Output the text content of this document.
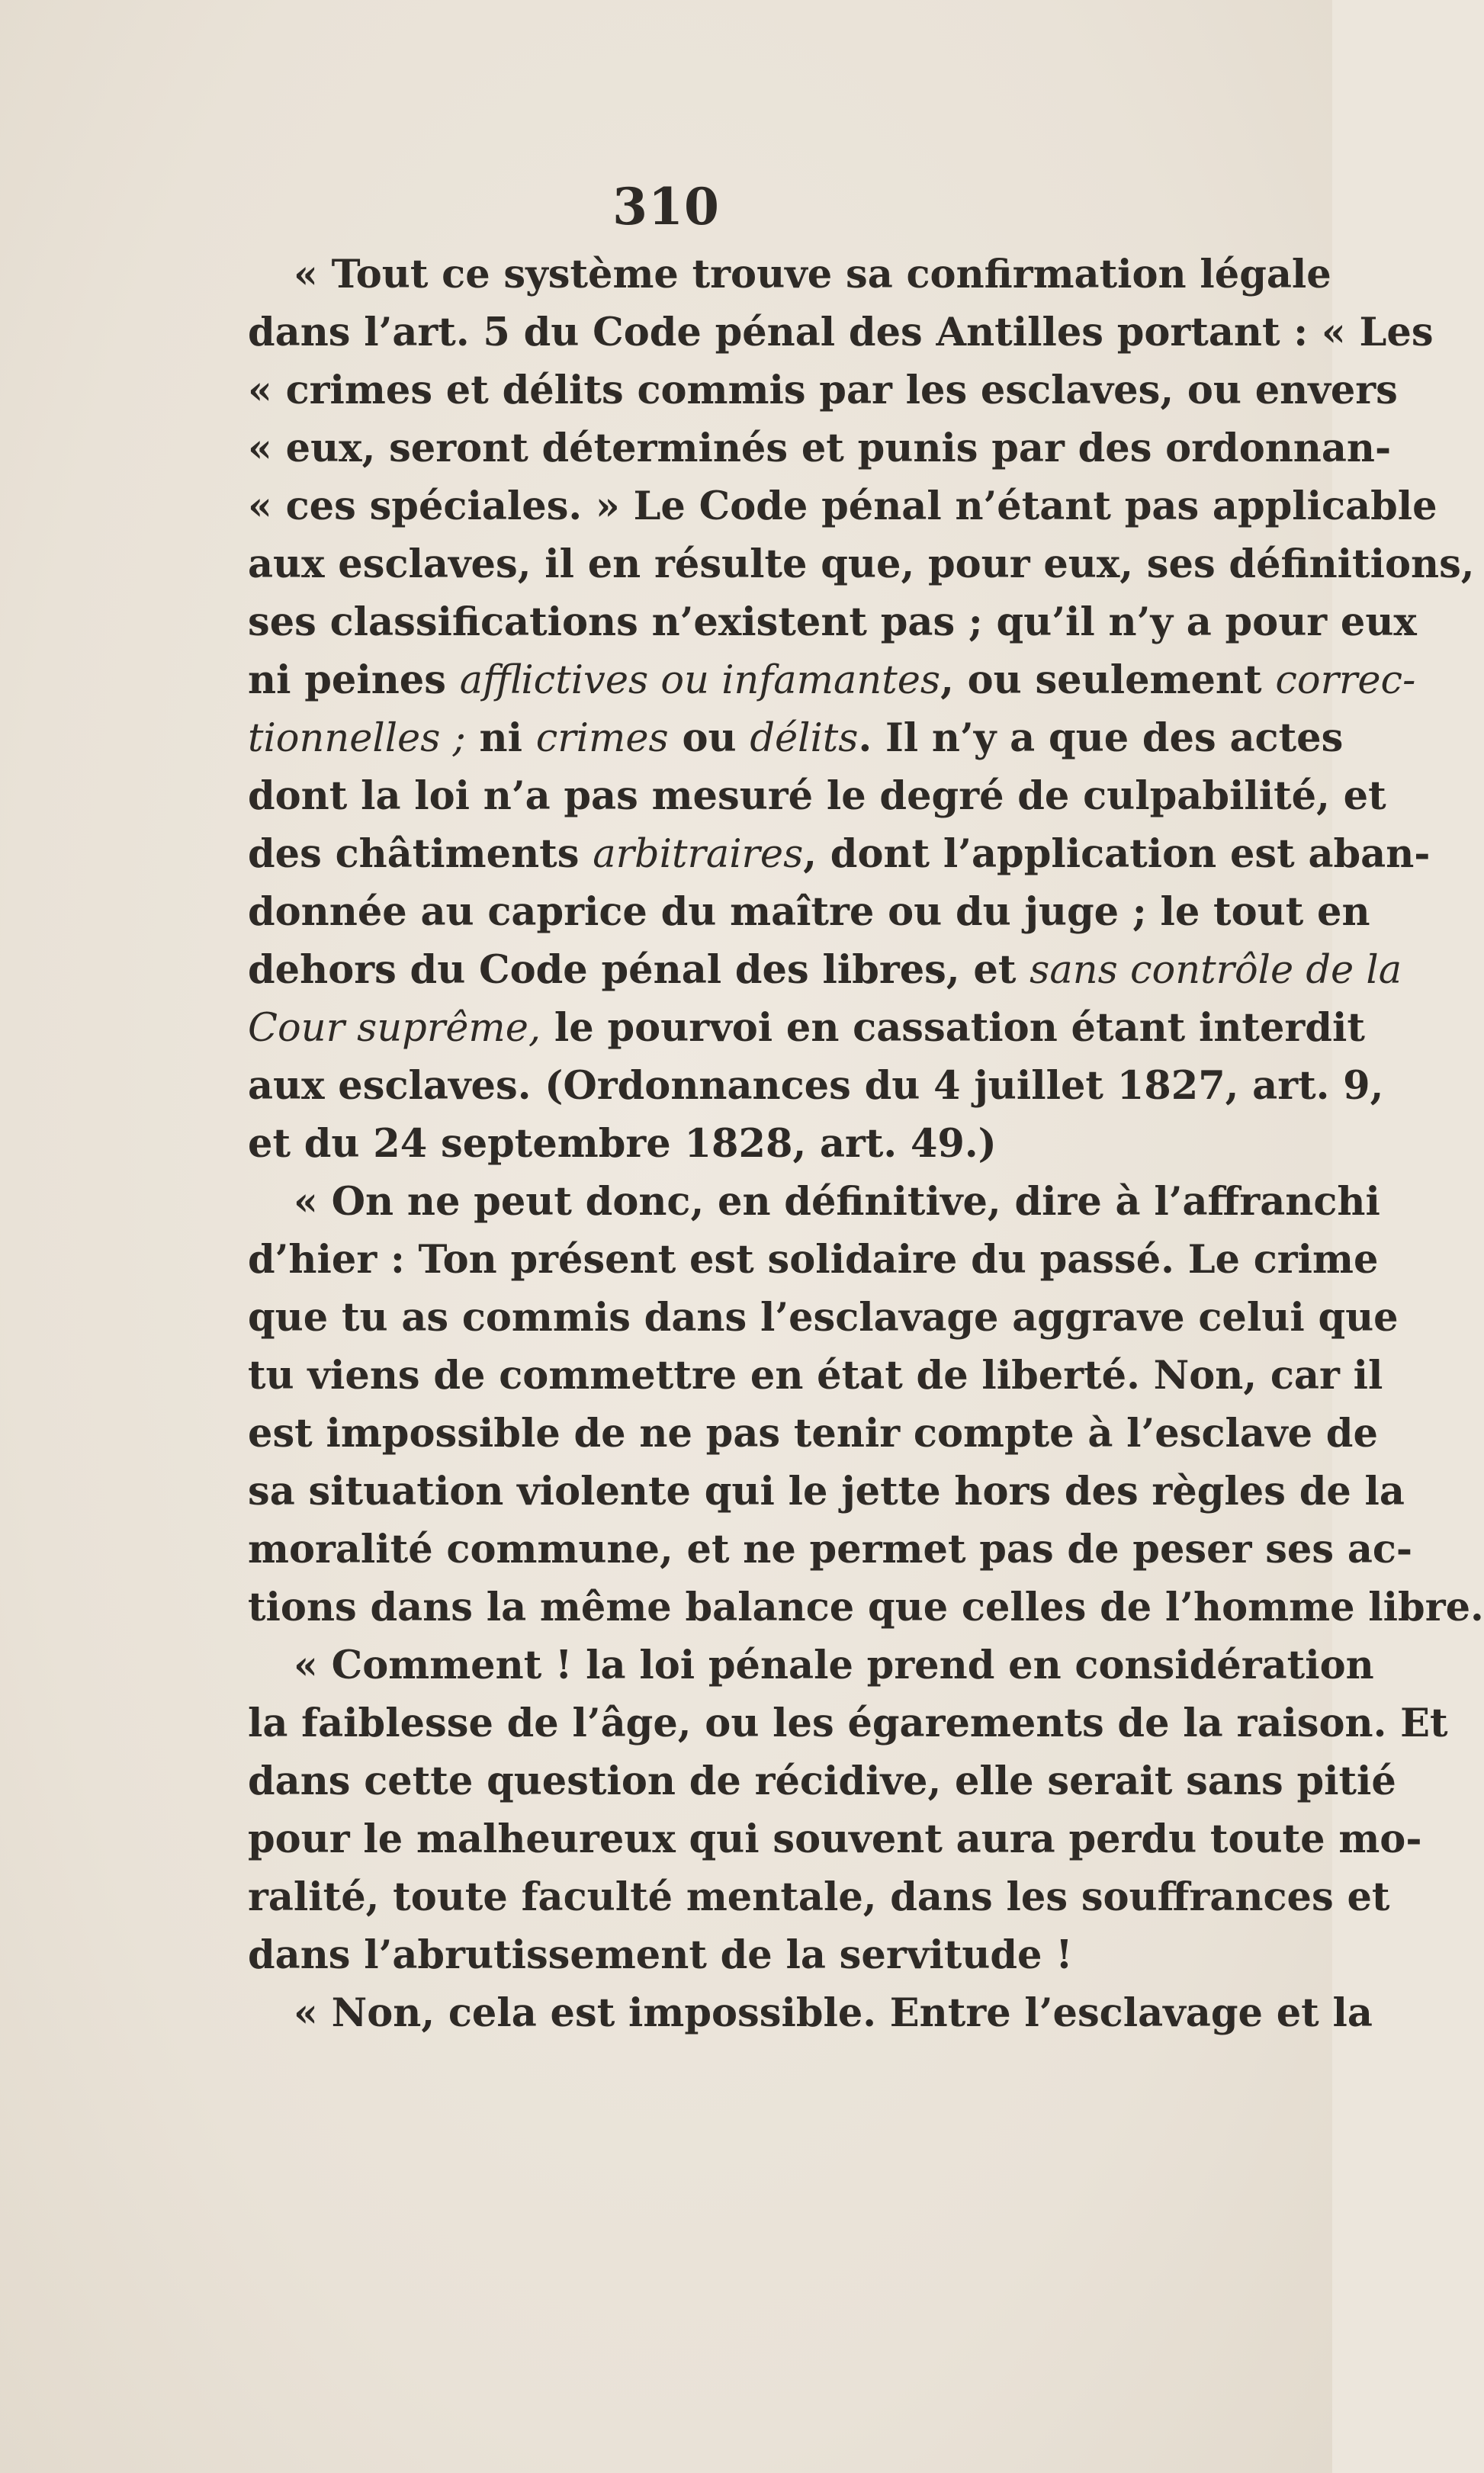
310
« Tout ce système trouve sa confirmation légale
dans l’art. 5 du Code pénal des Antilles portant : « Les
« crimes et délits commis par les esclaves, ou envers
« eux, seront déterminés et punis par des ordonnan-
« ces spéciales. » Le Code pénal n’étant pas applicable
aux esclaves, il en résulte que, pour eux, ses définitions,
ses classifications n’existent pas ; qu’il n’y a pour eux
ni peines afflictives ou infamantes, ou seulement correc-
tionnelles ; ni crimes ou délits. Il n’y a que des actes
dont la loi n’a pas mesuré le degré de culpabilité, et
des châtiments arbitraires, dont l’application est aban-
donnée au caprice du maître ou du juge ; le tout en
dehors du Code pénal des libres, et sans contrôle de la
Cour suprême, le pourvoi en cassation étant interdit
aux esclaves. (Ordonnances du 4 juillet 1827, art. 9,
et du 24 septembre 1828, art. 49.)
« On ne peut donc, en définitive, dire à l’affranchi
d’hier : Ton présent est solidaire du passé. Le crime
que tu as commis dans l’esclavage aggrave celui que
tu viens de commettre en état de liberté. Non, car il
est impossible de ne pas tenir compte à l’esclave de
sa situation violente qui le jette hors des règles de la
moralité commune, et ne permet pas de peser ses ac-
tions dans la même balance que celles de l’homme libre.
« Comment ! la loi pénale prend en considération
la faiblesse de l’âge, ou les égarements de la raison. Et
dans cette question de récidive, elle serait sans pitié
pour le malheureux qui souvent aura perdu toute mo-
ralité, toute faculté mentale, dans les souffrances et
dans l’abrutissement de la servitude !
« Non, cela est impossible. Entre l’esclavage et la
